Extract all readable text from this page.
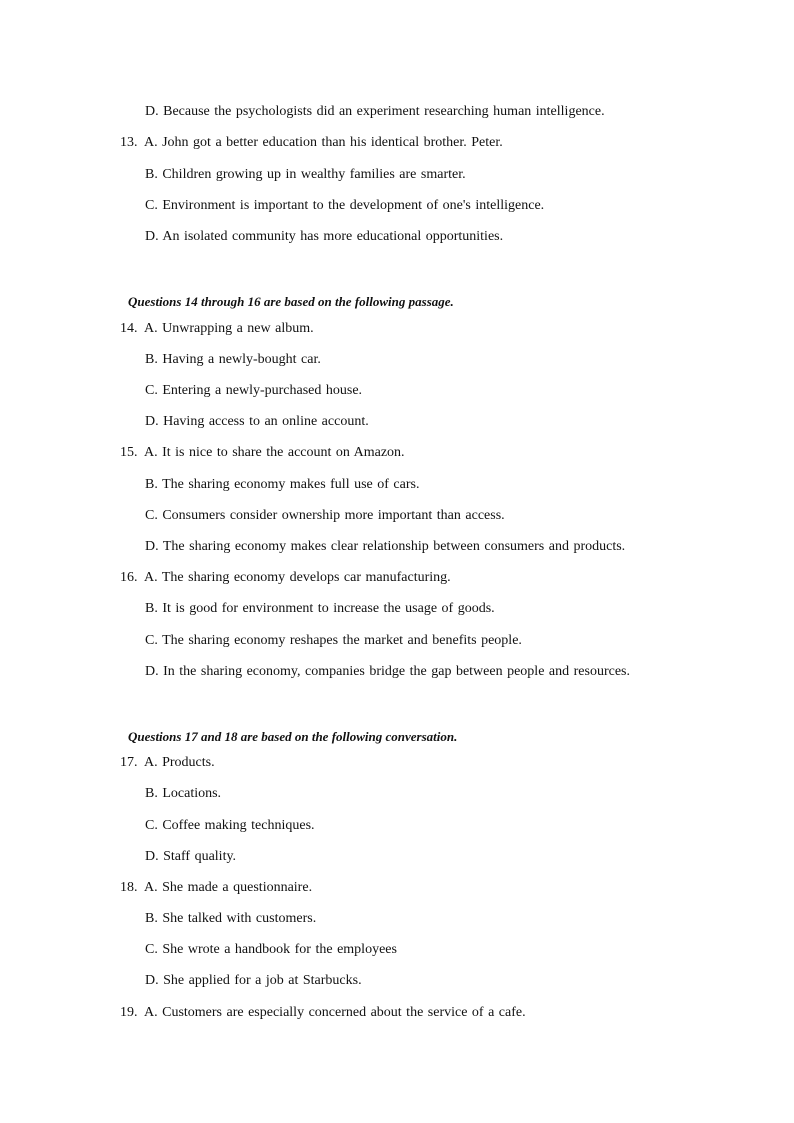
D. Because the psychologists did an experiment researching human intelligence.
13. A. John got a better education than his identical brother. Peter.
B. Children growing up in wealthy families are smarter.
C. Environment is important to the development of one's intelligence.
D. An isolated community has more educational opportunities.
Questions 14 through 16 are based on the following passage.
14. A. Unwrapping a new album.
B. Having a newly-bought car.
C. Entering a newly-purchased house.
D. Having access to an online account.
15. A. It is nice to share the account on Amazon.
B. The sharing economy makes full use of cars.
C. Consumers consider ownership more important than access.
D. The sharing economy makes clear relationship between consumers and products.
16. A. The sharing economy develops car manufacturing.
B. It is good for environment to increase the usage of goods.
C. The sharing economy reshapes the market and benefits people.
D. In the sharing economy, companies bridge the gap between people and resources.
Questions 17 and 18 are based on the following conversation.
17. A. Products.
B. Locations.
C. Coffee making techniques.
D. Staff quality.
18. A. She made a questionnaire.
B. She talked with customers.
C. She wrote a handbook for the employees
D. She applied for a job at Starbucks.
19. A. Customers are especially concerned about the service of a cafe.
